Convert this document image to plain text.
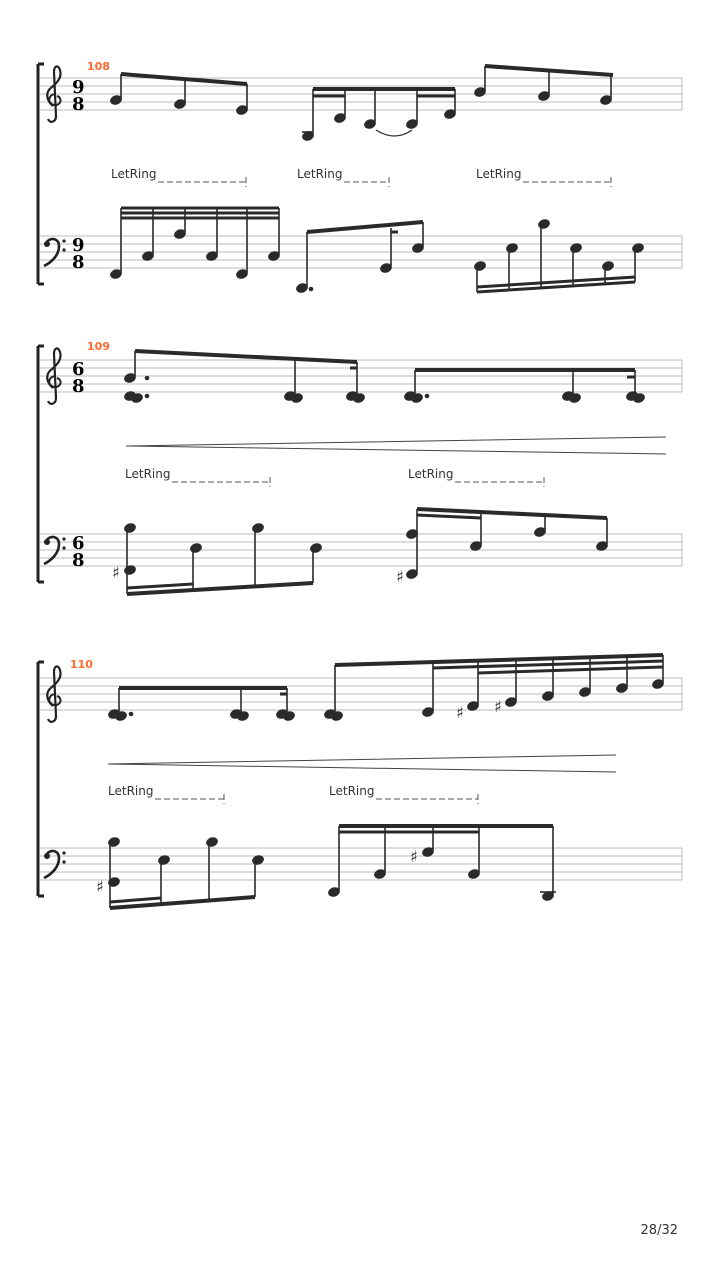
9
8
108
LetRing	LetRing	LetRing
9
8
6
8
109
LetRing	LetRing
6
8
♯	♯
110
♯ ♯
LetRing	LetRing
♯
♯
28/32
